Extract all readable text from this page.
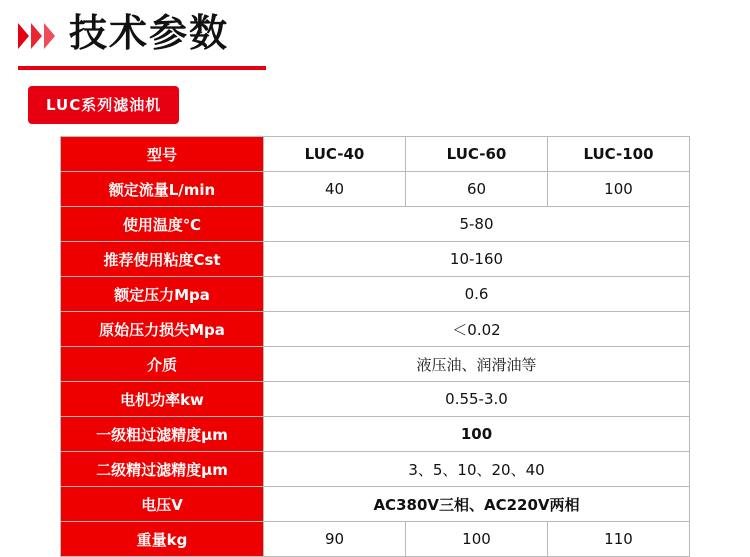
技术参数
LUC系列滤油机
型号	LUC-40	LUC-60	LUC-100
额定流量L/min	40	60	100
使用温度℃	5-80		
推荐使用粘度Cst	10-160		
额定压力Mpa	0.6		
原始压力损失Mpa	＜0.02		
介质	液压油、润滑油等		
电机功率kw	0.55-3.0		
一级粗过滤精度μm	100		
二级精过滤精度μm	3、5、10、20、40		
电压V	AC380V三相、AC220V两相		
重量kg	90	100	110
